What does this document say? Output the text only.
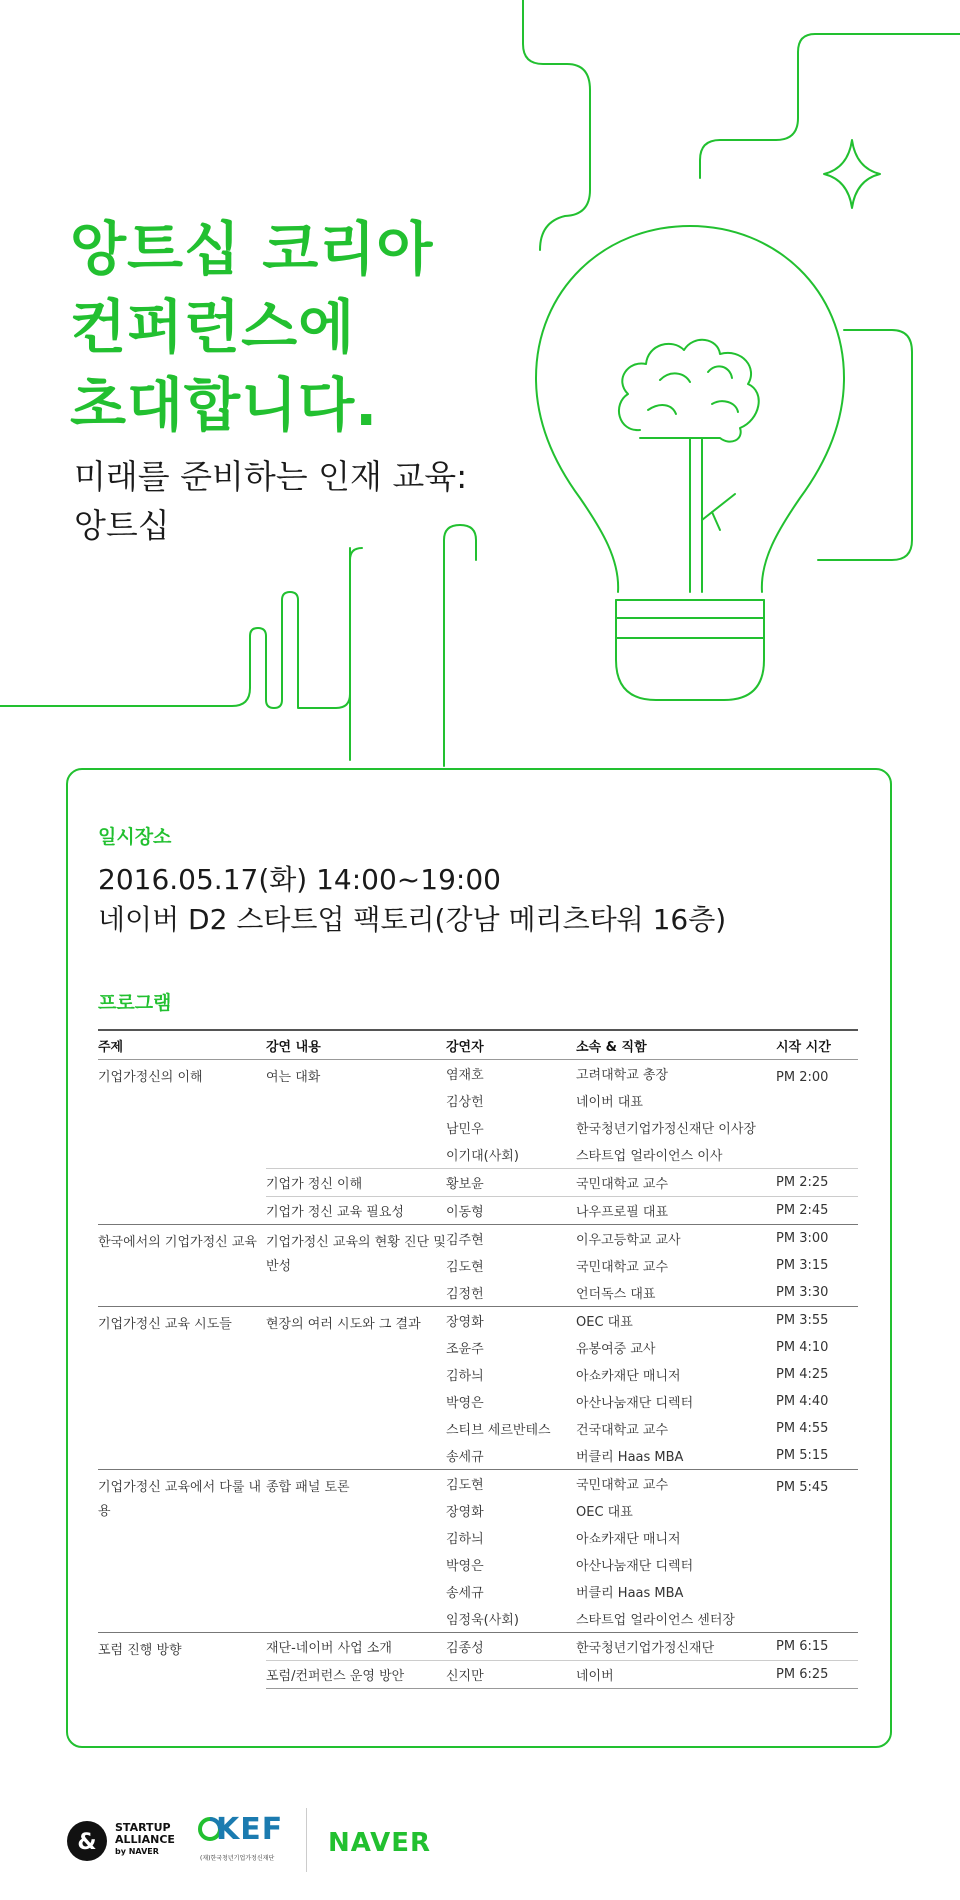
앙트십 코리아
컨퍼런스에
초대합니다.
미래를 준비하는 인재 교육:
앙트십
일시장소
2016.05.17(화) 14:00~19:00
네이버 D2 스타트업 팩토리(강남 메리츠타워 16층)
프로그램
주제	강연 내용	강연자	소속 & 직함	시작 시간
기업가정신의 이해	여는 대화	염재호	고려대학교 총장	PM 2:00
		김상헌	네이버 대표	
		남민우	한국청년기업가정신재단 이사장	
		이기대(사회)	스타트업 얼라이언스 이사	
	기업가 정신 이해	황보윤	국민대학교 교수	PM 2:25
	기업가 정신 교육 필요성	이동형	나우프로필 대표	PM 2:45
한국에서의 기업가정신 교육	기업가정신 교육의 현황 진단 및 반성	김주현	이우고등학교 교사	PM 3:00
		김도현	국민대학교 교수	PM 3:15
		김정헌	언더독스 대표	PM 3:30
기업가정신 교육 시도들	현장의 여러 시도와 그 결과	장영화	OEC 대표	PM 3:55
		조윤주	유봉여중 교사	PM 4:10
		김하늬	아쇼카재단 매니저	PM 4:25
		박영은	아산나눔재단 디렉터	PM 4:40
		스티브 세르반테스	건국대학교 교수	PM 4:55
		송세규	버클리 Haas MBA	PM 5:15
기업가정신 교육에서 다룰 내용	종합 패널 토론	김도현	국민대학교 교수	PM 5:45
		장영화	OEC 대표	
		김하늬	아쇼카재단 매니저	
		박영은	아산나눔재단 디렉터	
		송세규	버클리 Haas MBA	
		임정욱(사회)	스타트업 얼라이언스 센터장	
포럼 진행 방향	재단-네이버 사업 소개	김종성	한국청년기업가정신재단	PM 6:15
	포럼/컨퍼런스 운영 방안	신지만	네이버	PM 6:25
&
STARTUP
ALLIANCE
by NAVER
KEF
(재)한국청년기업가정신재단
NAVER
